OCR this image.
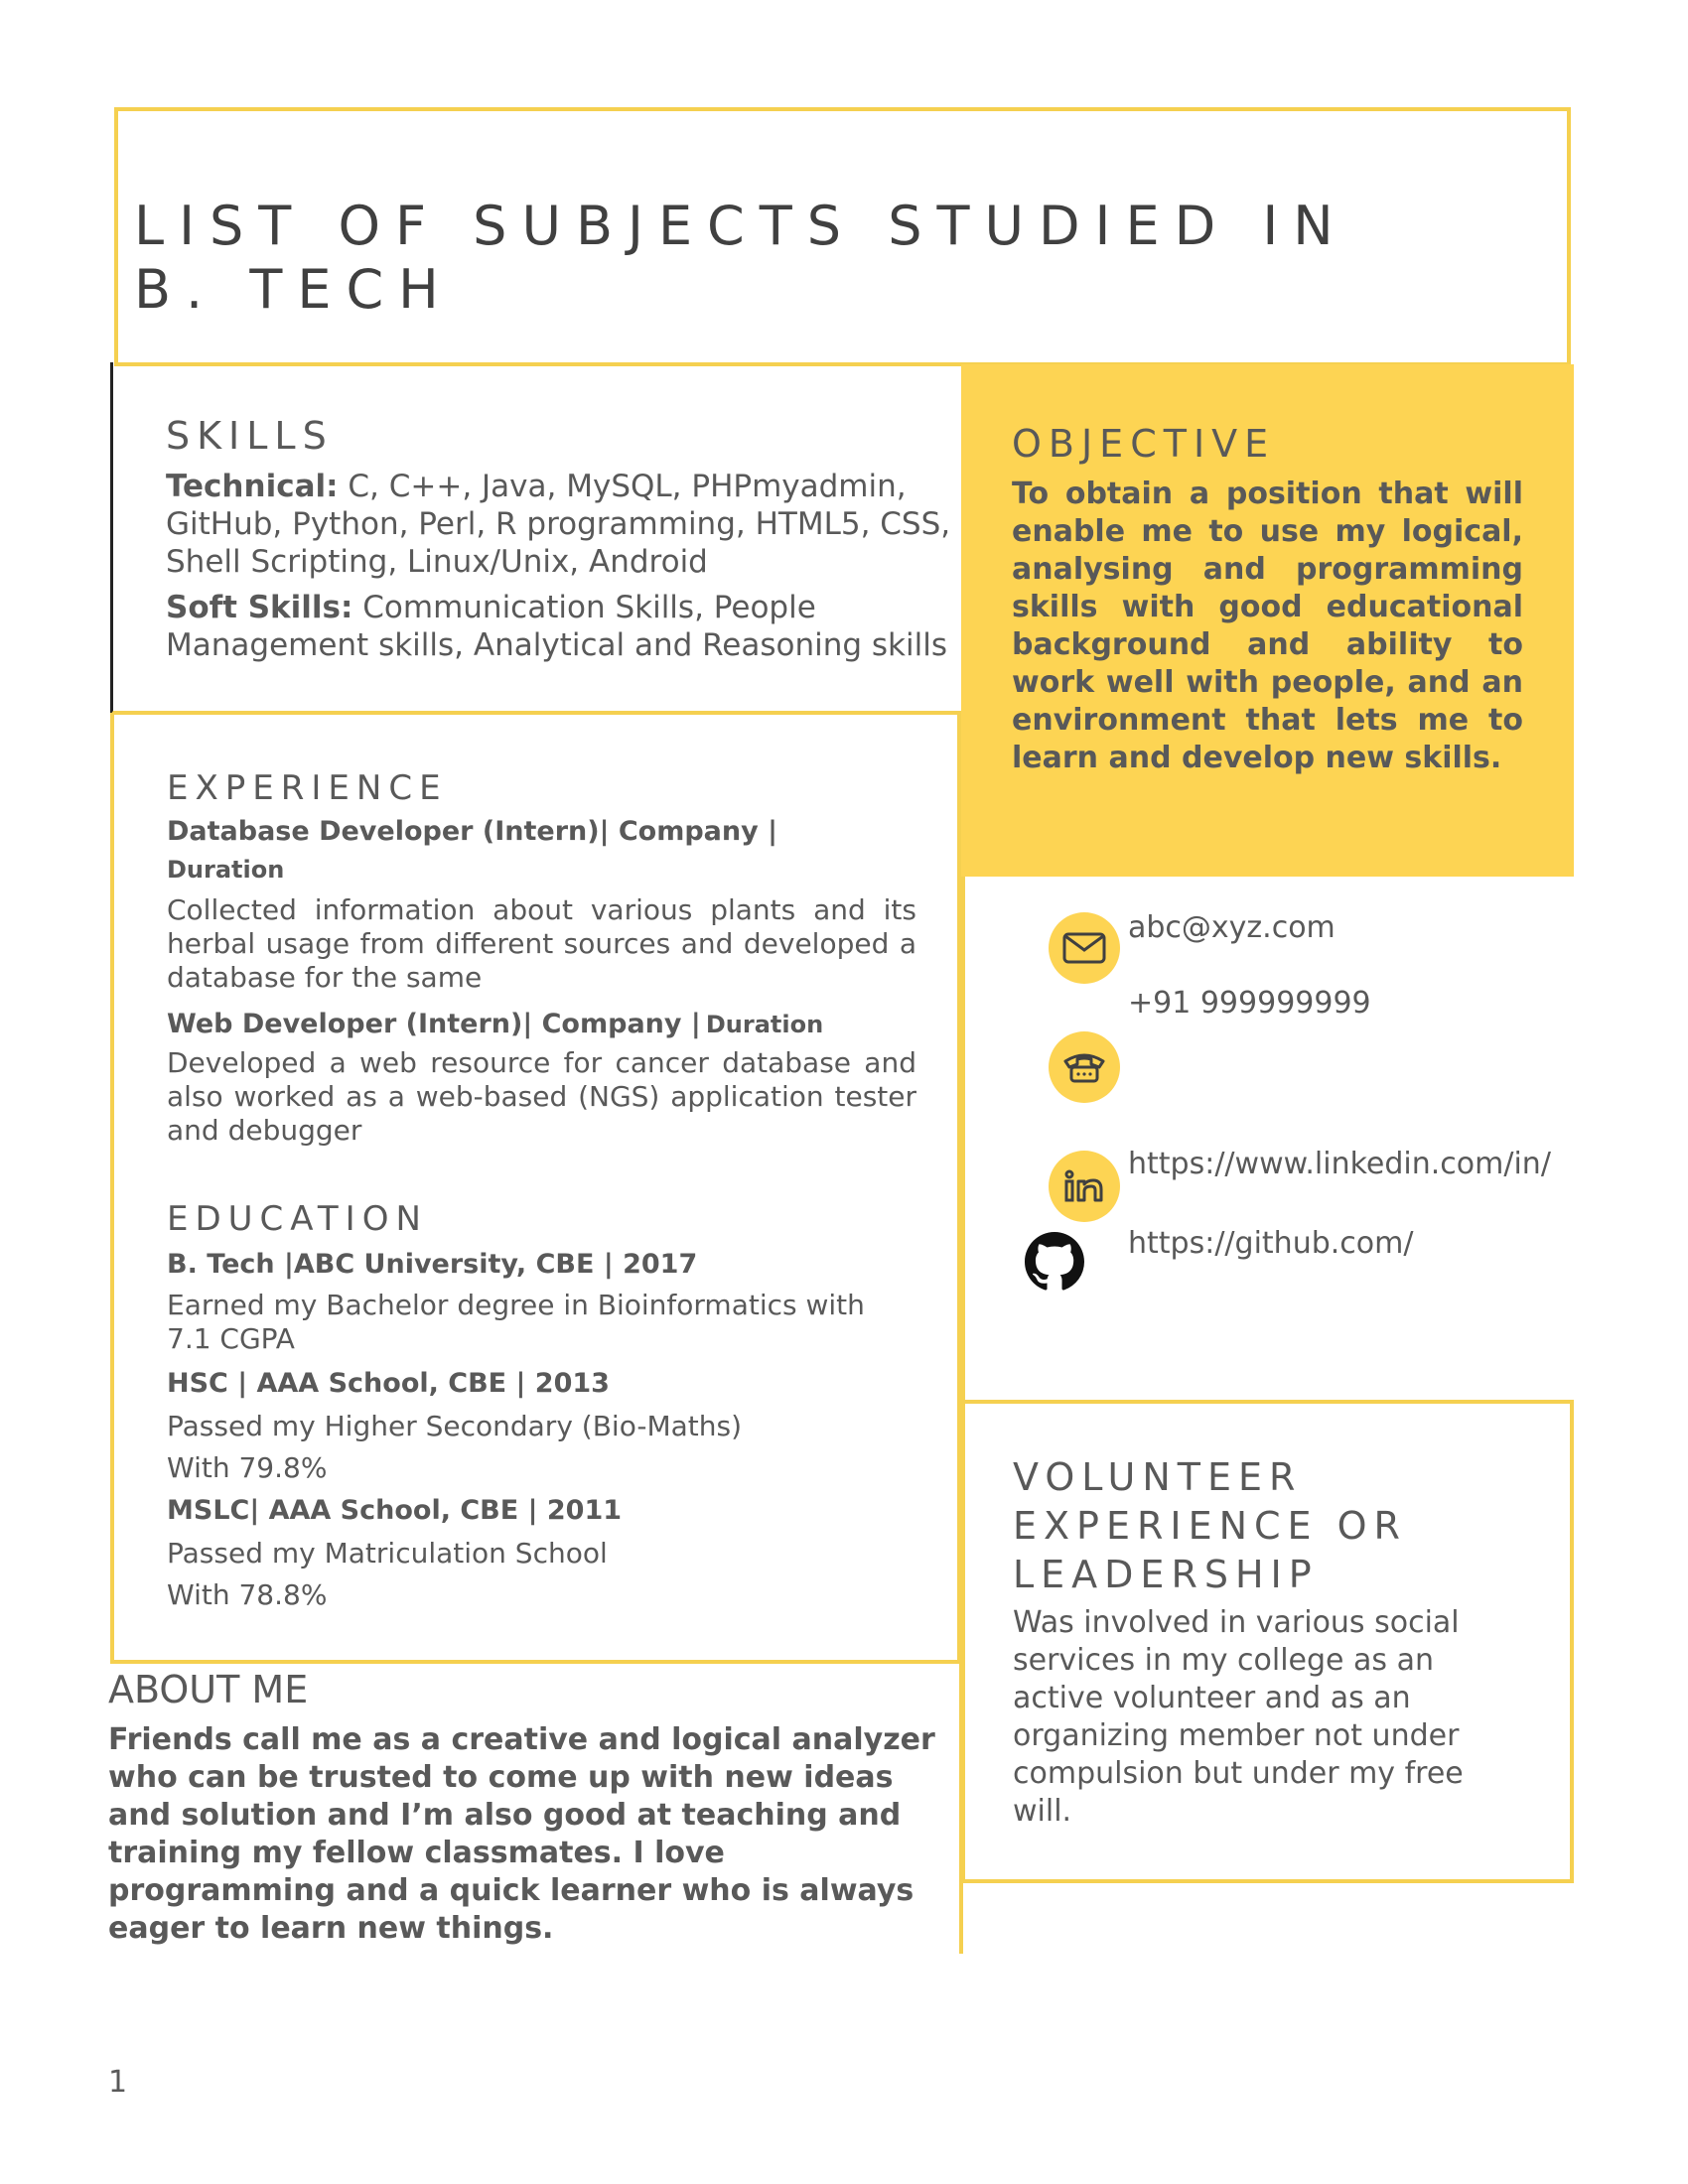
LIST OF SUBJECTS STUDIED IN B. TECH
SKILLS
Technical: C, C++, Java, MySQL, PHPmyadmin, GitHub, Python, Perl, R programming, HTML5, CSS, Shell Scripting, Linux/Unix, Android
Soft Skills: Communication Skills, People Management skills, Analytical and Reasoning skills
EXPERIENCE
Database Developer (Intern)| Company |
Duration
Collected information about various plants and its herbal usage from different sources and developed a database for the same
Web Developer (Intern)| Company | Duration
Developed a web resource for cancer database and also worked as a web-based (NGS) application tester and debugger
EDUCATION
B. Tech |ABC University, CBE | 2017
Earned my Bachelor degree in Bioinformatics with 7.1 CGPA
HSC | AAA School, CBE | 2013
Passed my Higher Secondary (Bio-Maths)
With 79.8%
MSLC| AAA School, CBE | 2011
Passed my Matriculation School
With 78.8%
OBJECTIVE
To obtain a position that will enable me to use my logical, analysing and programming skills with good educational background and ability to work well with people, and an environment that lets me to learn and develop new skills.
abc@xyz.com
+91 999999999
https://www.linkedin.com/in/
https://github.com/
VOLUNTEER EXPERIENCE OR LEADERSHIP
Was involved in various social services in my college as an active volunteer and as an organizing member not under compulsion but under my free will.
ABOUT ME
Friends call me as a creative and logical analyzer who can be trusted to come up with new ideas and solution and I’m also good at teaching and training my fellow classmates. I love programming and a quick learner who is always eager to learn new things.
1
